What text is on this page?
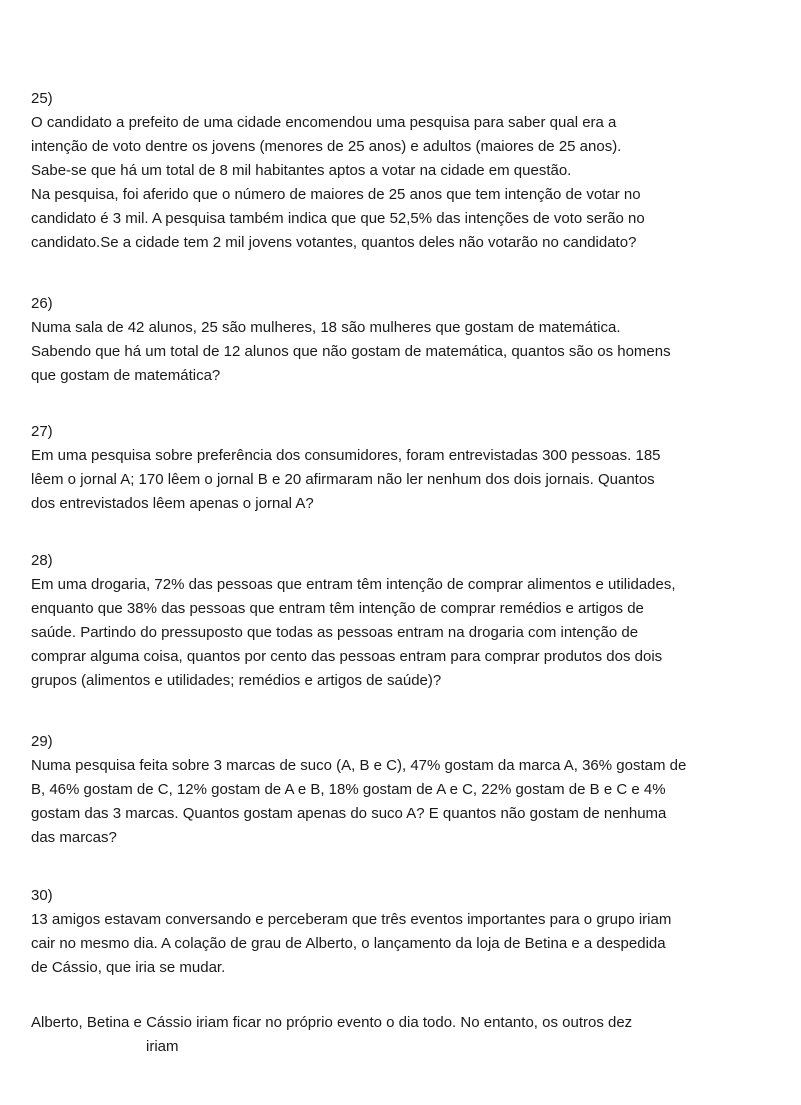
25)
O candidato a prefeito de uma cidade encomendou uma pesquisa para saber qual era a
intenção de voto dentre os jovens (menores de 25 anos) e adultos (maiores de 25 anos).
Sabe-se que há um total de 8 mil habitantes aptos a votar na cidade em questão.
Na pesquisa, foi aferido que o número de maiores de 25 anos que tem intenção de votar no
candidato é 3 mil. A pesquisa também indica que que 52,5% das intenções de voto serão no
candidato.Se a cidade tem 2 mil jovens votantes, quantos deles não votarão no candidato?
26)
Numa sala de 42 alunos, 25 são mulheres, 18 são mulheres que gostam de matemática.
Sabendo que há um total de 12 alunos que não gostam de matemática, quantos são os homens
que gostam de matemática?
27)
Em uma pesquisa sobre preferência dos consumidores, foram entrevistadas 300 pessoas. 185
lêem o jornal A; 170 lêem o jornal B e 20 afirmaram não ler nenhum dos dois jornais. Quantos
dos entrevistados lêem apenas o jornal A?
28)
Em uma drogaria, 72% das pessoas que entram têm intenção de comprar alimentos e utilidades,
enquanto que 38% das pessoas que entram têm intenção de comprar remédios e artigos de
saúde. Partindo do pressuposto que todas as pessoas entram na drogaria com intenção de
comprar alguma coisa, quantos por cento das pessoas entram para comprar produtos dos dois
grupos (alimentos e utilidades; remédios e artigos de saúde)?
29)
Numa pesquisa feita sobre 3 marcas de suco (A, B e C), 47% gostam da marca A, 36% gostam de
B, 46% gostam de C, 12% gostam de A e B, 18% gostam de A e C, 22% gostam de B e C e 4%
gostam das 3 marcas. Quantos gostam apenas do suco A? E quantos não gostam de nenhuma
das marcas?
30)
13 amigos estavam conversando e perceberam que três eventos importantes para o grupo iriam
cair no mesmo dia. A colação de grau de Alberto, o lançamento da loja de Betina e a despedida
de Cássio, que iria se mudar.
Alberto, Betina e Cássio iriam ficar no próprio evento o dia todo. No entanto, os outros dez
iriam
